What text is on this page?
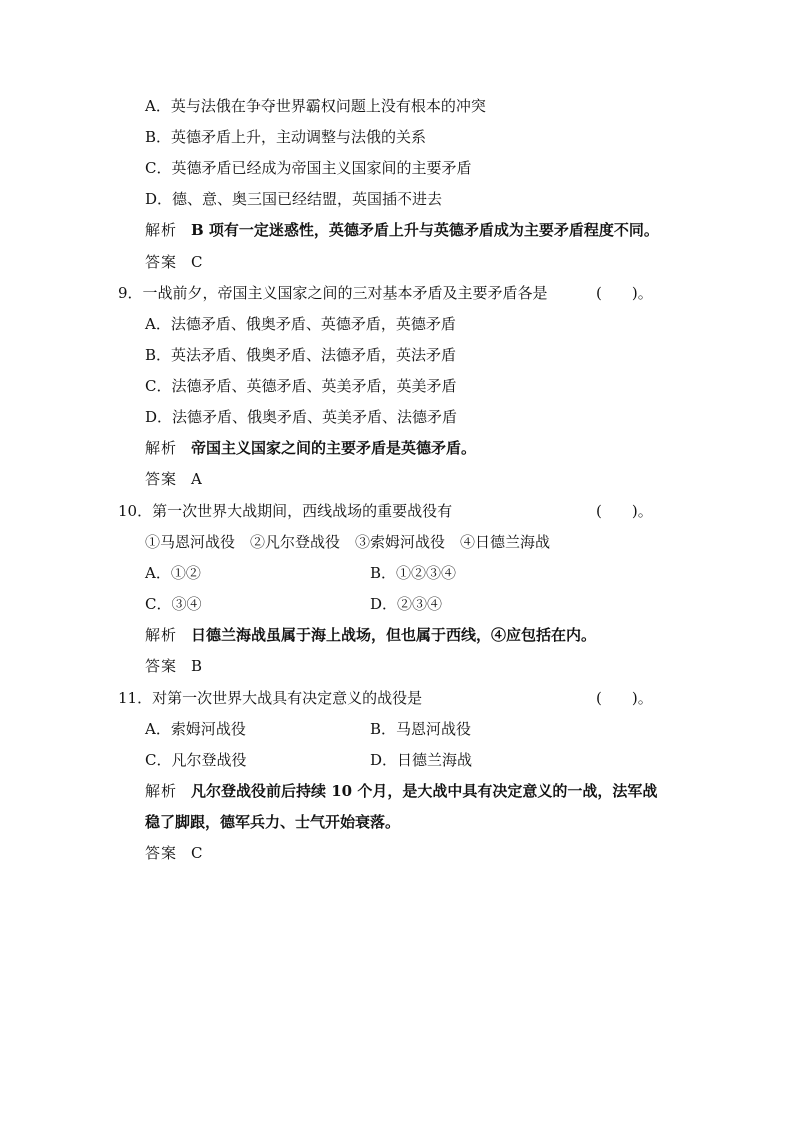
A．英与法俄在争夺世界霸权问题上没有根本的冲突
B．英德矛盾上升，主动调整与法俄的关系
C．英德矛盾已经成为帝国主义国家间的主要矛盾
D．德、意、奥三国已经结盟，英国插不进去
解析 B 项有一定迷惑性，英德矛盾上升与英德矛盾成为主要矛盾程度不同。
答案 C
9．一战前夕，帝国主义国家之间的三对基本矛盾及主要矛盾各是	(　　)。
A．法德矛盾、俄奥矛盾、英德矛盾，英德矛盾
B．英法矛盾、俄奥矛盾、法德矛盾，英法矛盾
C．法德矛盾、英德矛盾、英美矛盾，英美矛盾
D．法德矛盾、俄奥矛盾、英美矛盾、法德矛盾
解析 帝国主义国家之间的主要矛盾是英德矛盾。
答案 A
10．第一次世界大战期间，西线战场的重要战役有	(　　)。
①马恩河战役　②凡尔登战役　③索姆河战役　④日德兰海战
A．①②	B．①②③④
C．③④	D．②③④
解析 日德兰海战虽属于海上战场，但也属于西线，④应包括在内。
答案 B
11．对第一次世界大战具有决定意义的战役是	(　　)。
A．索姆河战役	B．马恩河战役
C．凡尔登战役	D．日德兰海战
解析 凡尔登战役前后持续 10 个月，是大战中具有决定意义的一战，法军战
稳了脚跟，德军兵力、士气开始衰落。
答案 C
